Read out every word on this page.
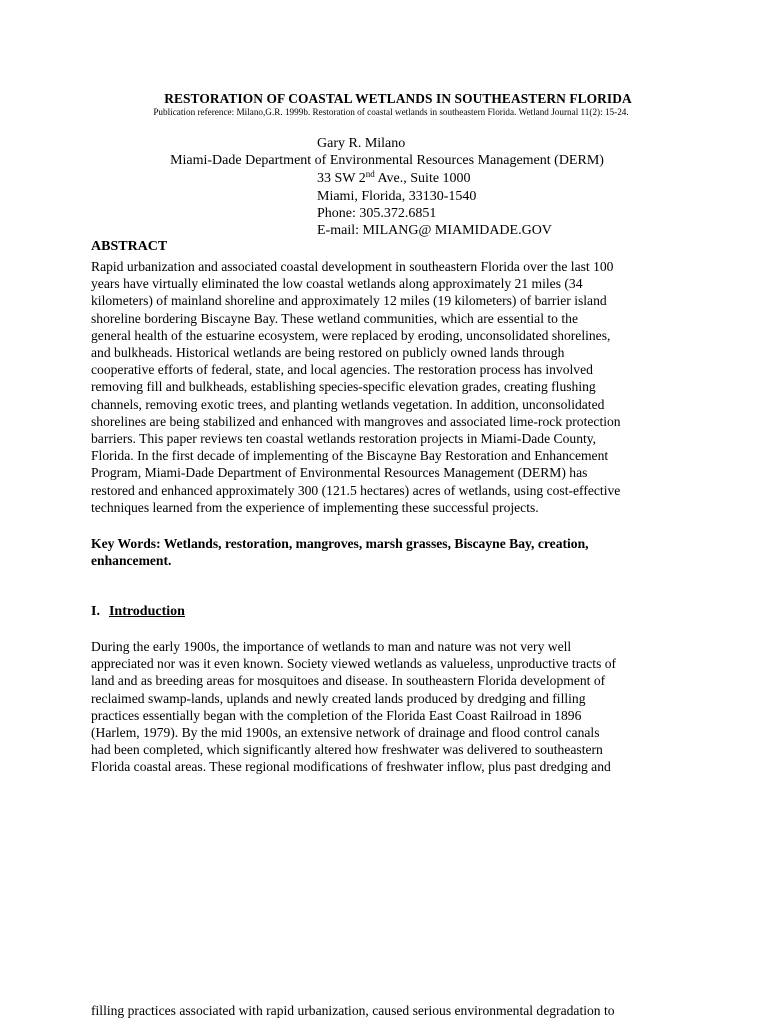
RESTORATION OF COASTAL WETLANDS IN SOUTHEASTERN FLORIDA
Publication reference: Milano,G.R. 1999b. Restoration of coastal wetlands in southeastern Florida. Wetland Journal 11(2): 15-24.
Gary R. Milano
Miami-Dade Department of Environmental Resources Management (DERM)
33 SW 2nd Ave., Suite 1000
Miami, Florida, 33130-1540
Phone: 305.372.6851
E-mail: MILANG@ MIAMIDADE.GOV
ABSTRACT
Rapid urbanization and associated coastal development in southeastern Florida over the last 100
years have virtually eliminated the low coastal wetlands along approximately 21 miles (34
kilometers) of mainland shoreline and approximately 12 miles (19 kilometers) of barrier island
shoreline bordering Biscayne Bay. These wetland communities, which are essential to the
general health of the estuarine ecosystem, were replaced by eroding, unconsolidated shorelines,
and bulkheads. Historical wetlands are being restored on publicly owned lands through
cooperative efforts of federal, state, and local agencies. The restoration process has involved
removing fill and bulkheads, establishing species-specific elevation grades, creating flushing
channels, removing exotic trees, and planting wetlands vegetation. In addition, unconsolidated
shorelines are being stabilized and enhanced with mangroves and associated lime-rock protection
barriers. This paper reviews ten coastal wetlands restoration projects in Miami-Dade County,
Florida. In the first decade of implementing of the Biscayne Bay Restoration and Enhancement
Program, Miami-Dade Department of Environmental Resources Management (DERM) has
restored and enhanced approximately 300 (121.5 hectares) acres of wetlands, using cost-effective
techniques learned from the experience of implementing these successful projects.
Key Words: Wetlands, restoration, mangroves, marsh grasses, Biscayne Bay, creation,
enhancement.
I. Introduction
During the early 1900s, the importance of wetlands to man and nature was not very well
appreciated nor was it even known. Society viewed wetlands as valueless, unproductive tracts of
land and as breeding areas for mosquitoes and disease. In southeastern Florida development of
reclaimed swamp-lands, uplands and newly created lands produced by dredging and filling
practices essentially began with the completion of the Florida East Coast Railroad in 1896
(Harlem, 1979). By the mid 1900s, an extensive network of drainage and flood control canals
had been completed, which significantly altered how freshwater was delivered to southeastern
Florida coastal areas. These regional modifications of freshwater inflow, plus past dredging and
filling practices associated with rapid urbanization, caused serious environmental degradation to
